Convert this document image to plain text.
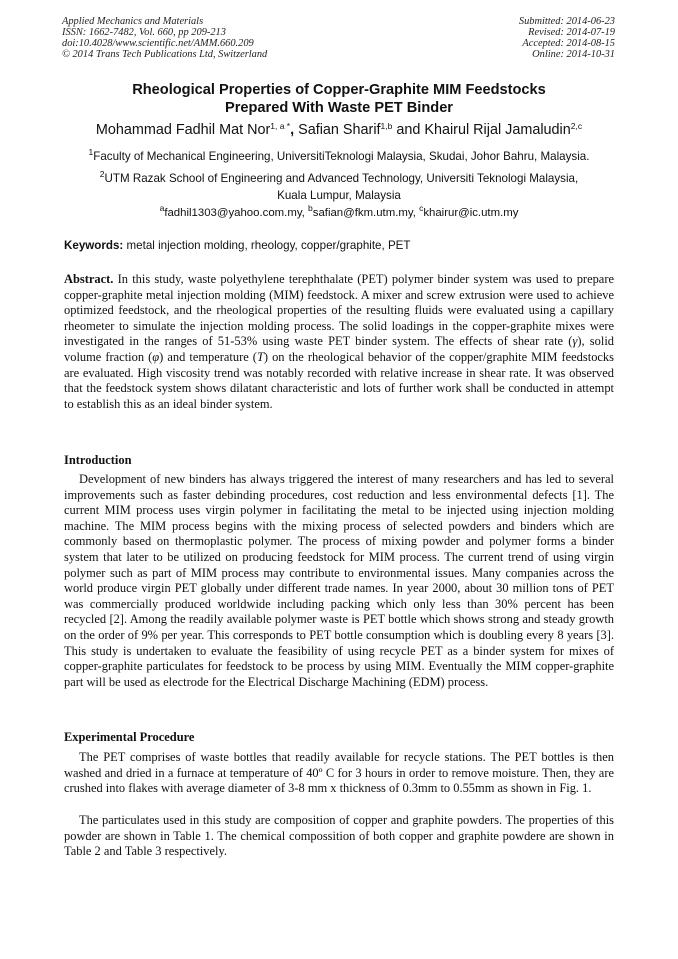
Applied Mechanics and Materials
ISSN: 1662-7482, Vol. 660, pp 209-213
doi:10.4028/www.scientific.net/AMM.660.209
© 2014 Trans Tech Publications Ltd, Switzerland
Submitted: 2014-06-23
Revised: 2014-07-19
Accepted: 2014-08-15
Online: 2014-10-31
Rheological Properties of Copper-Graphite MIM Feedstocks
Prepared With Waste PET Binder
Mohammad Fadhil Mat Nor$^{1, a *}$, Safian Sharif$^{1,b}$ and Khairul Rijal Jamaludin$^{2,c}$
$^1$Faculty of Mechanical Engineering, UniversitiTeknologi Malaysia, Skudai, Johor Bahru, Malaysia.
$^2$UTM Razak School of Engineering and Advanced Technology, Universiti Teknologi Malaysia,
Kuala Lumpur, Malaysia
$^a$fadhil1303@yahoo.com.my, $^b$safian@fkm.utm.my, $^c$khairur@ic.utm.my
Keywords: metal injection molding, rheology, copper/graphite, PET
Abstract. In this study, waste polyethylene terephthalate (PET) polymer binder system was used to prepare copper-graphite metal injection molding (MIM) feedstock. A mixer and screw extrusion were used to achieve optimized feedstock, and the rheological properties of the resulting fluids were evaluated using a capillary rheometer to simulate the injection molding process. The solid loadings in the copper-graphite mixes were investigated in the ranges of 51-53% using waste PET binder system. The effects of shear rate (γ), solid volume fraction (φ) and temperature (T) on the rheological behavior of the copper/graphite MIM feedstocks are evaluated. High viscosity trend was notably recorded with relative increase in shear rate. It was observed that the feedstock system shows dilatant characteristic and lots of further work shall be conducted in attempt to establish this as an ideal binder system.
Introduction
Development of new binders has always triggered the interest of many researchers and has led to several improvements such as faster debinding procedures, cost reduction and less environmental defects [1]. The current MIM process uses virgin polymer in facilitating the metal to be injected using injection molding machine. The MIM process begins with the mixing process of selected powders and binders which are commonly based on thermoplastic polymer. The process of mixing powder and polymer forms a binder system that later to be utilized on producing feedstock for MIM process. The current trend of using virgin polymer such as part of MIM process may contribute to environmental issues. Many companies across the world produce virgin PET globally under different trade names. In year 2000, about 30 million tons of PET was commercially produced worldwide including packing which only less than 30% percent has been recycled [2]. Among the readily available polymer waste is PET bottle which shows strong and steady growth on the order of 9% per year. This corresponds to PET bottle consumption which is doubling every 8 years [3]. This study is undertaken to evaluate the feasibility of using recycle PET as a binder system for mixes of copper-graphite particulates for feedstock to be process by using MIM. Eventually the MIM copper-graphite part will be used as electrode for the Electrical Discharge Machining (EDM) process.
Experimental Procedure
The PET comprises of waste bottles that readily available for recycle stations. The PET bottles is then washed and dried in a furnace at temperature of 40º C for 3 hours in order to remove moisture. Then, they are crushed into flakes with average diameter of 3-8 mm x thickness of 0.3mm to 0.55mm as shown in Fig. 1.
The particulates used in this study are composition of copper and graphite powders. The properties of this powder are shown in Table 1. The chemical compossition of both copper and graphite powdere are shown in Table 2 and Table 3 respectively.
